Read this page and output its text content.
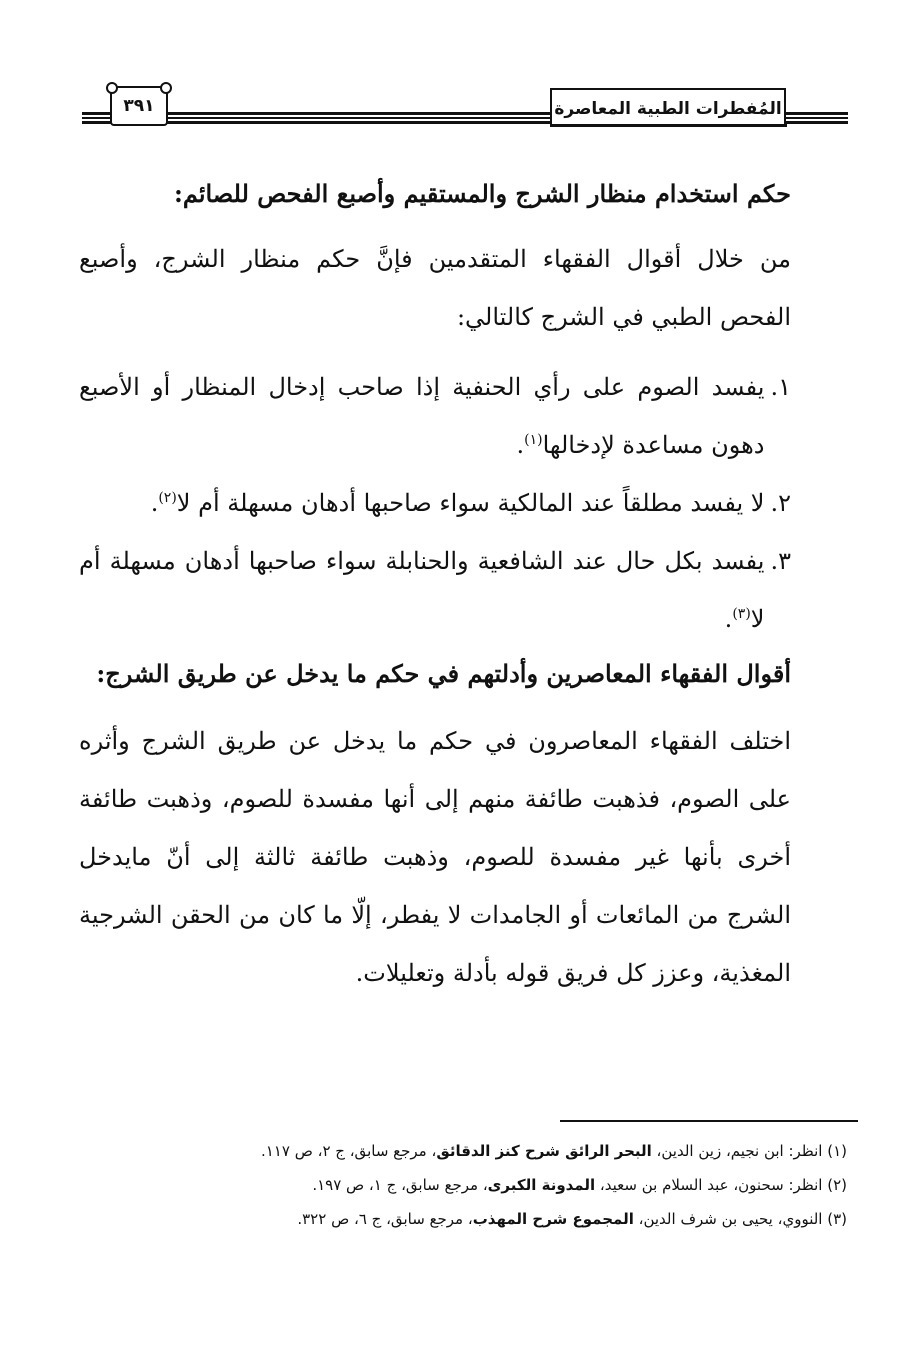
المُفطرات الطبية المعاصرة
٣٩١
حكم استخدام منظار الشرج والمستقيم وأصبع الفحص للصائم:
من خلال أقوال الفقهاء المتقدمين فإنَّ حكم منظار الشرج، وأصبع الفحص الطبي في الشرج كالتالي:
١.
يفسد الصوم على رأي الحنفية إذا صاحب إدخال المنظار أو الأصبع دهون مساعدة لإدخالها$^{(١)}$.
٢.
لا يفسد مطلقاً عند المالكية سواء صاحبها أدهان مسهلة أم لا$^{(٢)}$.
٣.
يفسد بكل حال عند الشافعية والحنابلة سواء صاحبها أدهان مسهلة أم لا$^{(٣)}$.
أقوال الفقهاء المعاصرين وأدلتهم في حكم ما يدخل عن طريق الشرج:
اختلف الفقهاء المعاصرون في حكم ما يدخل عن طريق الشرج وأثره على الصوم، فذهبت طائفة منهم إلى أنها مفسدة للصوم، وذهبت طائفة أخرى بأنها غير مفسدة للصوم، وذهبت طائفة ثالثة إلى أنّ مايدخل الشرج من المائعات أو الجامدات لا يفطر، إلّا ما كان من الحقن الشرجية المغذية، وعزز كل فريق قوله بأدلة وتعليلات.
(١) انظر: ابن نجيم، زين الدين، البحر الرائق شرح كنز الدقائق، مرجع سابق، ج ٢، ص ١١٧.
(٢) انظر: سحنون، عبد السلام بن سعيد، المدونة الكبرى، مرجع سابق، ج ١، ص ١٩٧.
(٣) النووي، يحيى بن شرف الدين، المجموع شرح المهذب، مرجع سابق، ج ٦، ص ٣٢٢.
